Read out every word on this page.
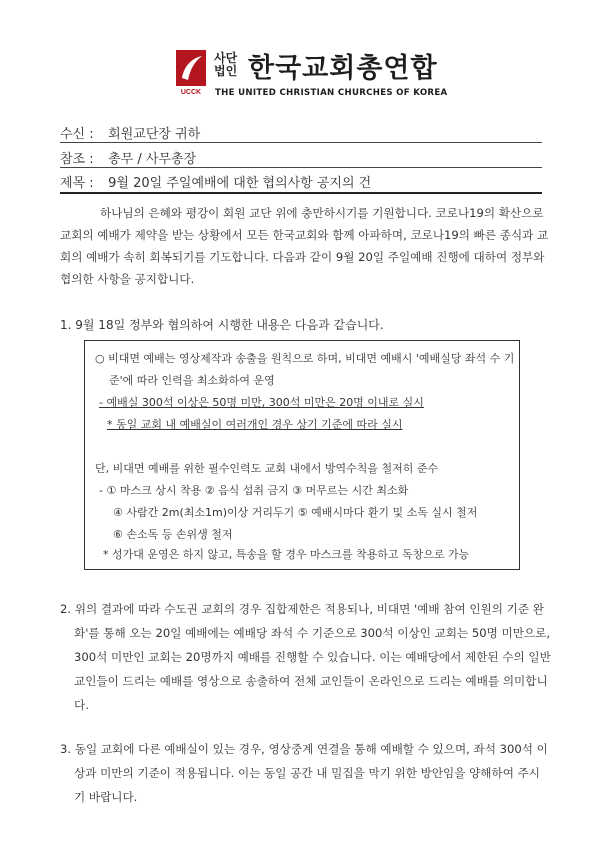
UCCK
사단
법인 한국교회총연합
THE UNITED CHRISTIAN CHURCHES OF KOREA
수신 : 회원교단장 귀하
참조 : 총무 / 사무총장
제목 : 9월 20일 주일예배에 대한 협의사항 공지의 건
하나님의 은혜와 평강이 회원 교단 위에 충만하시기를 기원합니다. 코로나19의 확산으로
교회의 예배가 제약을 받는 상황에서 모든 한국교회와 함께 아파하며, 코로나19의 빠른 종식과 교
회의 예배가 속히 회복되기를 기도합니다. 다음과 같이 9월 20일 주일예배 진행에 대하여 정부와
협의한 사항을 공지합니다.
1. 9월 18일 정부와 협의하여 시행한 내용은 다음과 같습니다.
○ 비대면 예배는 영상제작과 송출을 원칙으로 하며, 비대면 예배시 '예배실당 좌석 수 기
준'에 따라 인력을 최소화하여 운영
- 예배실 300석 이상은 50명 미만, 300석 미만은 20명 이내로 실시
* 동일 교회 내 예배실이 여러개인 경우 상기 기준에 따라 실시
단, 비대면 예배를 위한 필수인력도 교회 내에서 방역수칙을 철저히 준수
- ① 마스크 상시 착용 ② 음식 섭취 금지 ③ 머무르는 시간 최소화
④ 사람간 2m(최소1m)이상 거리두기 ⑤ 예배시마다 환기 및 소독 실시 철저
⑥ 손소독 등 손위생 철저
* 성가대 운영은 하지 않고, 특송을 할 경우 마스크를 착용하고 독창으로 가능
2. 위의 결과에 따라 수도권 교회의 경우 집합제한은 적용되나, 비대면 '예배 참여 인원의 기준 완
화'를 통해 오는 20일 예배에는 예배당 좌석 수 기준으로 300석 이상인 교회는 50명 미만으로,
300석 미만인 교회는 20명까지 예배를 진행할 수 있습니다. 이는 예배당에서 제한된 수의 일반
교인들이 드리는 예배를 영상으로 송출하여 전체 교인들이 온라인으로 드리는 예배를 의미합니
다.
3. 동일 교회에 다른 예배실이 있는 경우, 영상중계 연결을 통해 예배할 수 있으며, 좌석 300석 이
상과 미만의 기준이 적용됩니다. 이는 동일 공간 내 밀집을 막기 위한 방안임을 양해하여 주시
기 바랍니다.
